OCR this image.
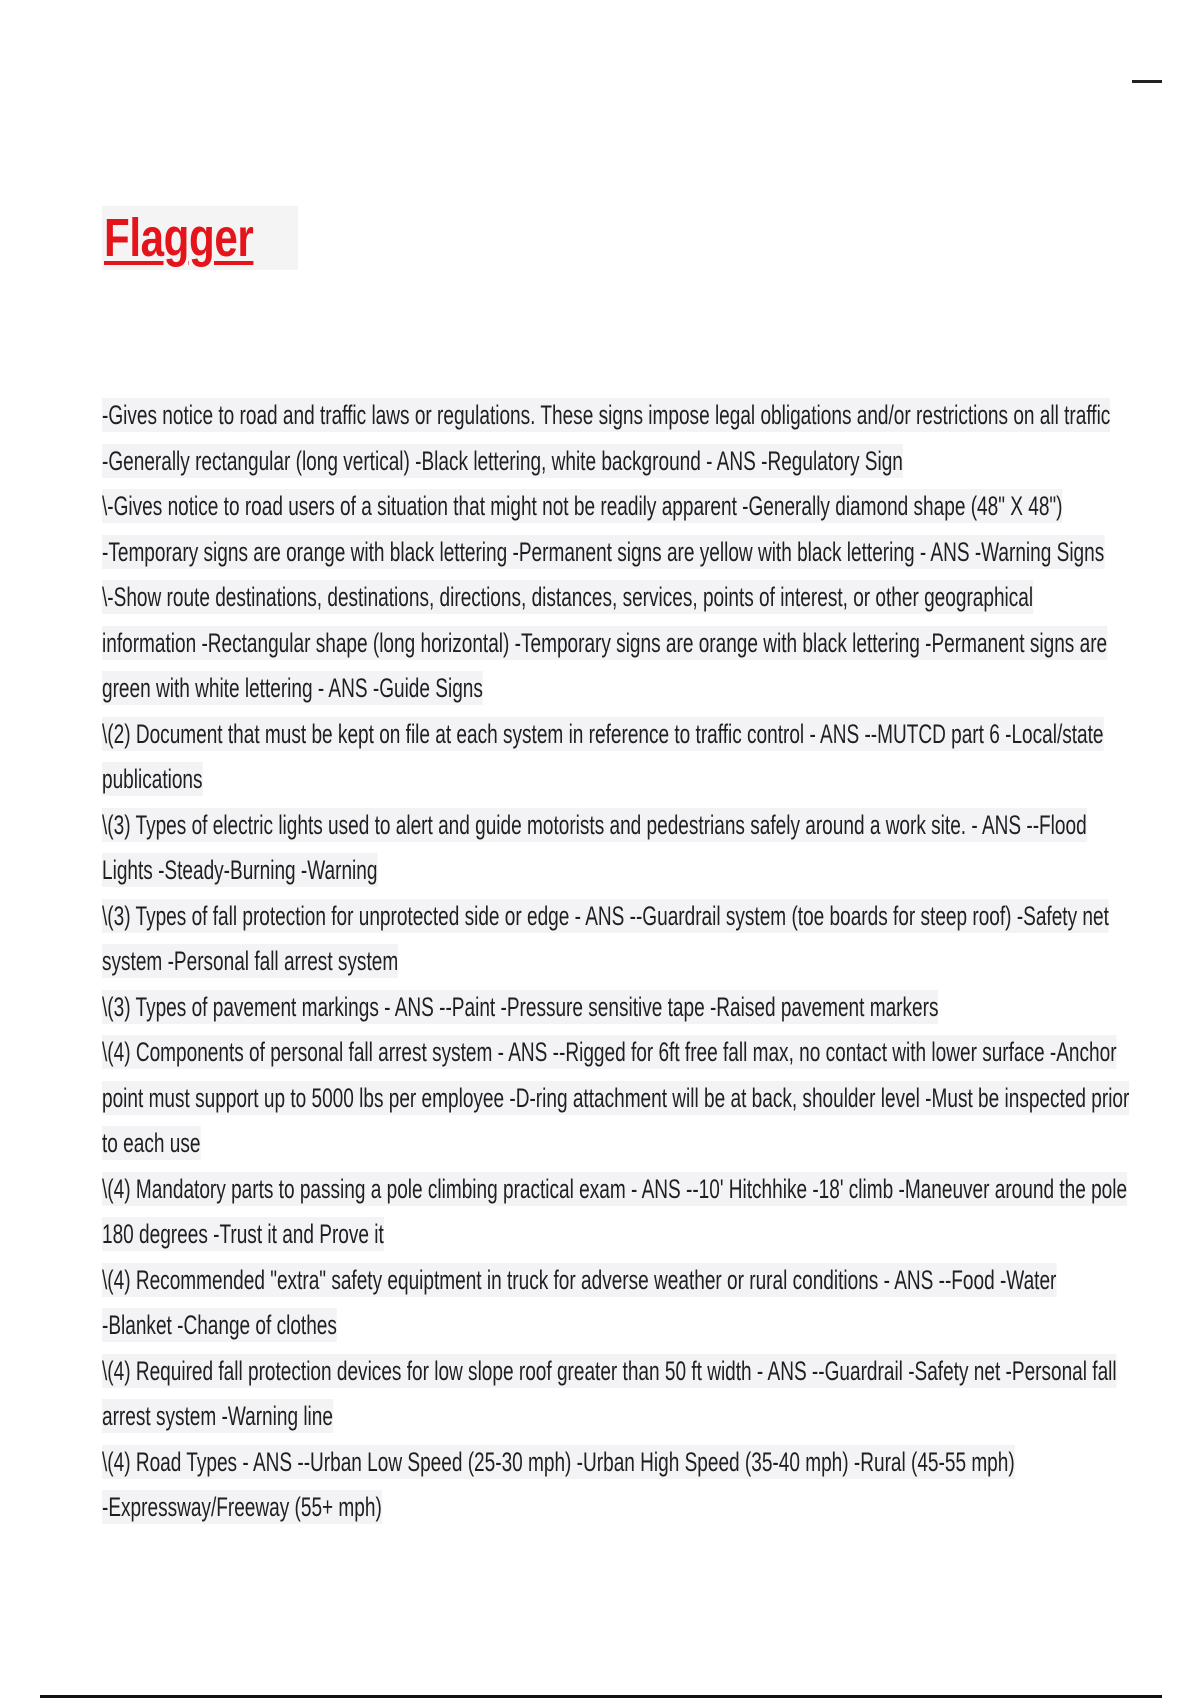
Flagger
-Gives notice to road and traffic laws or regulations. These signs impose legal obligations and/or restrictions on all traffic
-Generally rectangular (long vertical) -Black lettering, white background - ANS -Regulatory Sign
\-Gives notice to road users of a situation that might not be readily apparent -Generally diamond shape (48" X 48")
-Temporary signs are orange with black lettering -Permanent signs are yellow with black lettering - ANS -Warning Signs
\-Show route destinations, destinations, directions, distances, services, points of interest, or other geographical
information -Rectangular shape (long horizontal) -Temporary signs are orange with black lettering -Permanent signs are
green with white lettering - ANS -Guide Signs
\(2) Document that must be kept on file at each system in reference to traffic control - ANS --MUTCD part 6 -Local/state
publications
\(3) Types of electric lights used to alert and guide motorists and pedestrians safely around a work site. - ANS --Flood
Lights -Steady-Burning -Warning
\(3) Types of fall protection for unprotected side or edge - ANS --Guardrail system (toe boards for steep roof) -Safety net
system -Personal fall arrest system
\(3) Types of pavement markings - ANS --Paint -Pressure sensitive tape -Raised pavement markers
\(4) Components of personal fall arrest system - ANS --Rigged for 6ft free fall max, no contact with lower surface -Anchor
point must support up to 5000 lbs per employee -D-ring attachment will be at back, shoulder level -Must be inspected prior
to each use
\(4) Mandatory parts to passing a pole climbing practical exam - ANS --10' Hitchhike -18' climb -Maneuver around the pole
180 degrees -Trust it and Prove it
\(4) Recommended "extra" safety equiptment in truck for adverse weather or rural conditions - ANS --Food -Water
-Blanket -Change of clothes
\(4) Required fall protection devices for low slope roof greater than 50 ft width - ANS --Guardrail -Safety net -Personal fall
arrest system -Warning line
\(4) Road Types - ANS --Urban Low Speed (25-30 mph) -Urban High Speed (35-40 mph) -Rural (45-55 mph)
-Expressway/Freeway (55+ mph)
